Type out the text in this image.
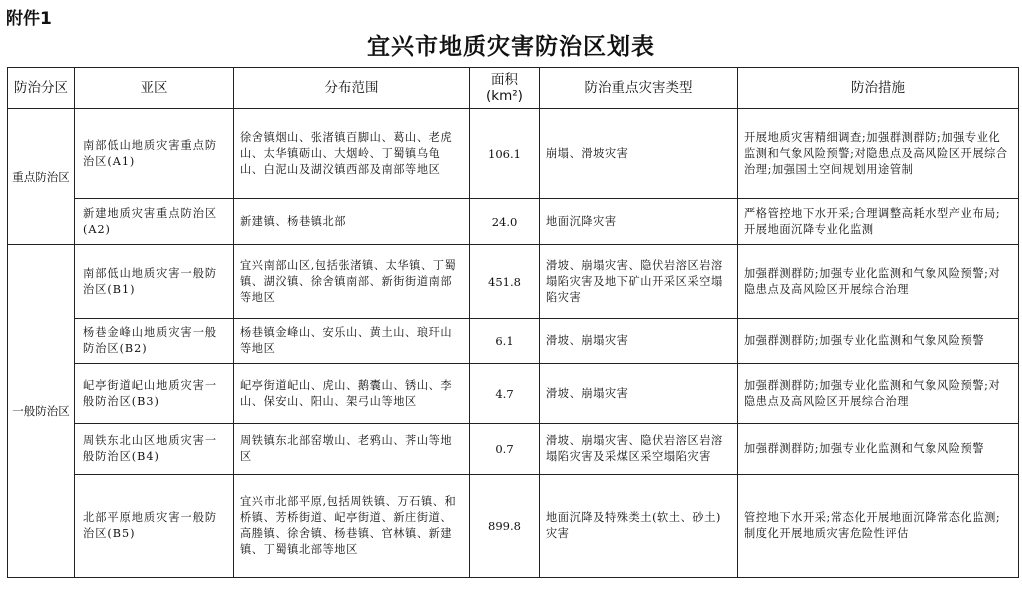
附件1
宜兴市地质灾害防治区划表
防治分区	亚区	分布范围	面积(km²)	防治重点灾害类型	防治措施
重点防治区	南部低山地质灾害重点防治区(A1)	徐舍镇烟山、张渚镇百脚山、葛山、老虎山、太华镇砺山、大烟岭、丁蜀镇乌龟山、白泥山及湖㳇镇西部及南部等地区	106.1	崩塌、滑坡灾害	开展地质灾害精细调查;加强群测群防;加强专业化监测和气象风险预警;对隐患点及高风险区开展综合治理;加强国土空间规划用途管制
	新建地质灾害重点防治区(A2)	新建镇、杨巷镇北部	24.0	地面沉降灾害	严格管控地下水开采;合理调整高耗水型产业布局;开展地面沉降专业化监测
一般防治区	南部低山地质灾害一般防治区(B1)	宜兴南部山区,包括张渚镇、太华镇、丁蜀镇、湖㳇镇、徐舍镇南部、新街街道南部等地区	451.8	滑坡、崩塌灾害、隐伏岩溶区岩溶塌陷灾害及地下矿山开采区采空塌陷灾害	加强群测群防;加强专业化监测和气象风险预警;对隐患点及高风险区开展综合治理
	杨巷金峰山地质灾害一般防治区(B2)	杨巷镇金峰山、安乐山、黄土山、琅玕山等地区	6.1	滑坡、崩塌灾害	加强群测群防;加强专业化监测和气象风险预警
	屺亭街道屺山地质灾害一般防治区(B3)	屺亭街道屺山、虎山、鹅囊山、锈山、李山、保安山、阳山、架弓山等地区	4.7	滑坡、崩塌灾害	加强群测群防;加强专业化监测和气象风险预警;对隐患点及高风险区开展综合治理
	周铁东北山区地质灾害一般防治区(B4)	周铁镇东北部窑墩山、老鸦山、荠山等地区	0.7	滑坡、崩塌灾害、隐伏岩溶区岩溶塌陷灾害及采煤区采空塌陷灾害	加强群测群防;加强专业化监测和气象风险预警
	北部平原地质灾害一般防治区(B5)	宜兴市北部平原,包括周铁镇、万石镇、和桥镇、芳桥街道、屺亭街道、新庄街道、高塍镇、徐舍镇、杨巷镇、官林镇、新建镇、丁蜀镇北部等地区	899.8	地面沉降及特殊类土(软土、砂土)灾害	管控地下水开采;常态化开展地面沉降常态化监测;制度化开展地质灾害危险性评估
